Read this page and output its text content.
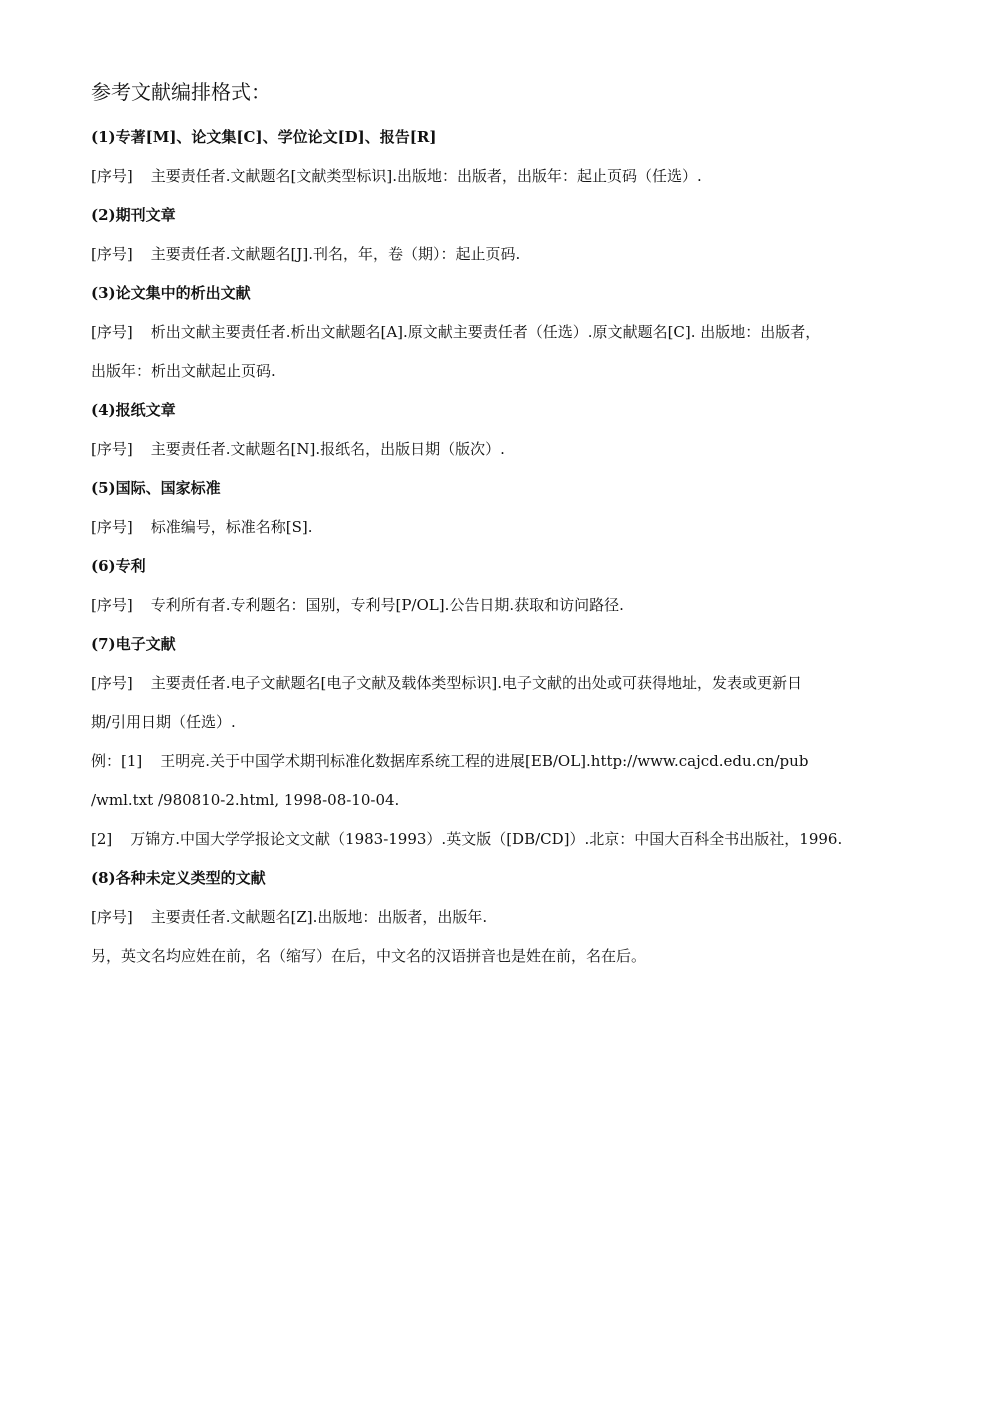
参考文献编排格式：

(1)专著[M]、论文集[C]、学位论文[D]、报告[R]

[序号] 主要责任者.文献题名[文献类型标识].出版地：出版者，出版年：起止页码（任选）.

(2)期刊文章

[序号] 主要责任者.文献题名[J].刊名，年，卷（期）：起止页码.

(3)论文集中的析出文献

[序号] 析出文献主要责任者.析出文献题名[A].原文献主要责任者（任选）.原文献题名[C]. 出版地：出版者，

出版年：析出文献起止页码.

(4)报纸文章

[序号] 主要责任者.文献题名[N].报纸名，出版日期（版次）.

(5)国际、国家标准

[序号] 标准编号，标准名称[S].

(6)专利

[序号] 专利所有者.专利题名：国别，专利号[P/OL].公告日期.获取和访问路径.

(7)电子文献

[序号] 主要责任者.电子文献题名[电子文献及载体类型标识].电子文献的出处或可获得地址，发表或更新日

期/引用日期（任选）.

例：[1] 王明亮.关于中国学术期刊标准化数据库系统工程的进展[EB/OL].http://www.cajcd.edu.cn/pub

/wml.txt /980810-2.html, 1998-08-10-04.

[2] 万锦方.中国大学学报论文文献（1983-1993）.英文版（[DB/CD]）.北京：中国大百科全书出版社，1996.

(8)各种未定义类型的文献

[序号] 主要责任者.文献题名[Z].出版地：出版者，出版年.

另，英文名均应姓在前，名（缩写）在后，中文名的汉语拼音也是姓在前，名在后。
